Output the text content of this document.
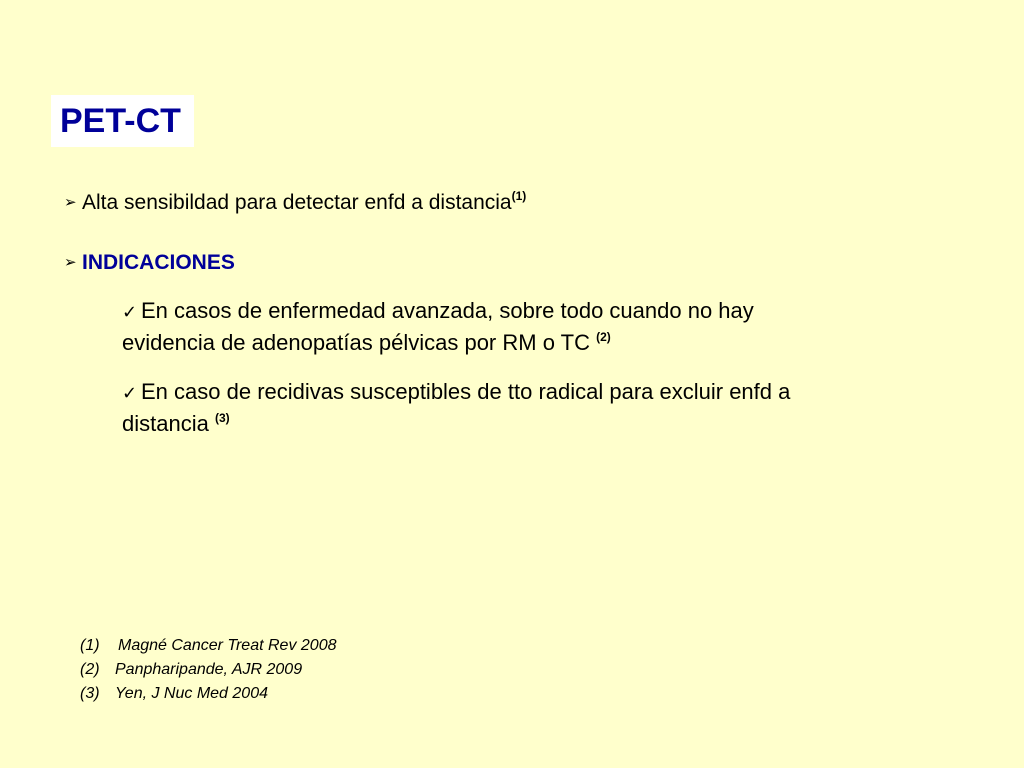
PET-CT
➢ Alta sensibildad para detectar enfd a distancia$^{(1)}$
➢ INDICACIONES
✓ En casos de enfermedad avanzada, sobre todo cuando no hay evidencia de adenopatías pélvicas por RM o TC $^{(2)}$
✓ En caso de recidivas susceptibles de tto radical para excluir enfd a distancia $^{(3)}$
(1) Magné Cancer Treat Rev 2008
(2) Panpharipande, AJR 2009
(3) Yen, J Nuc Med 2004
